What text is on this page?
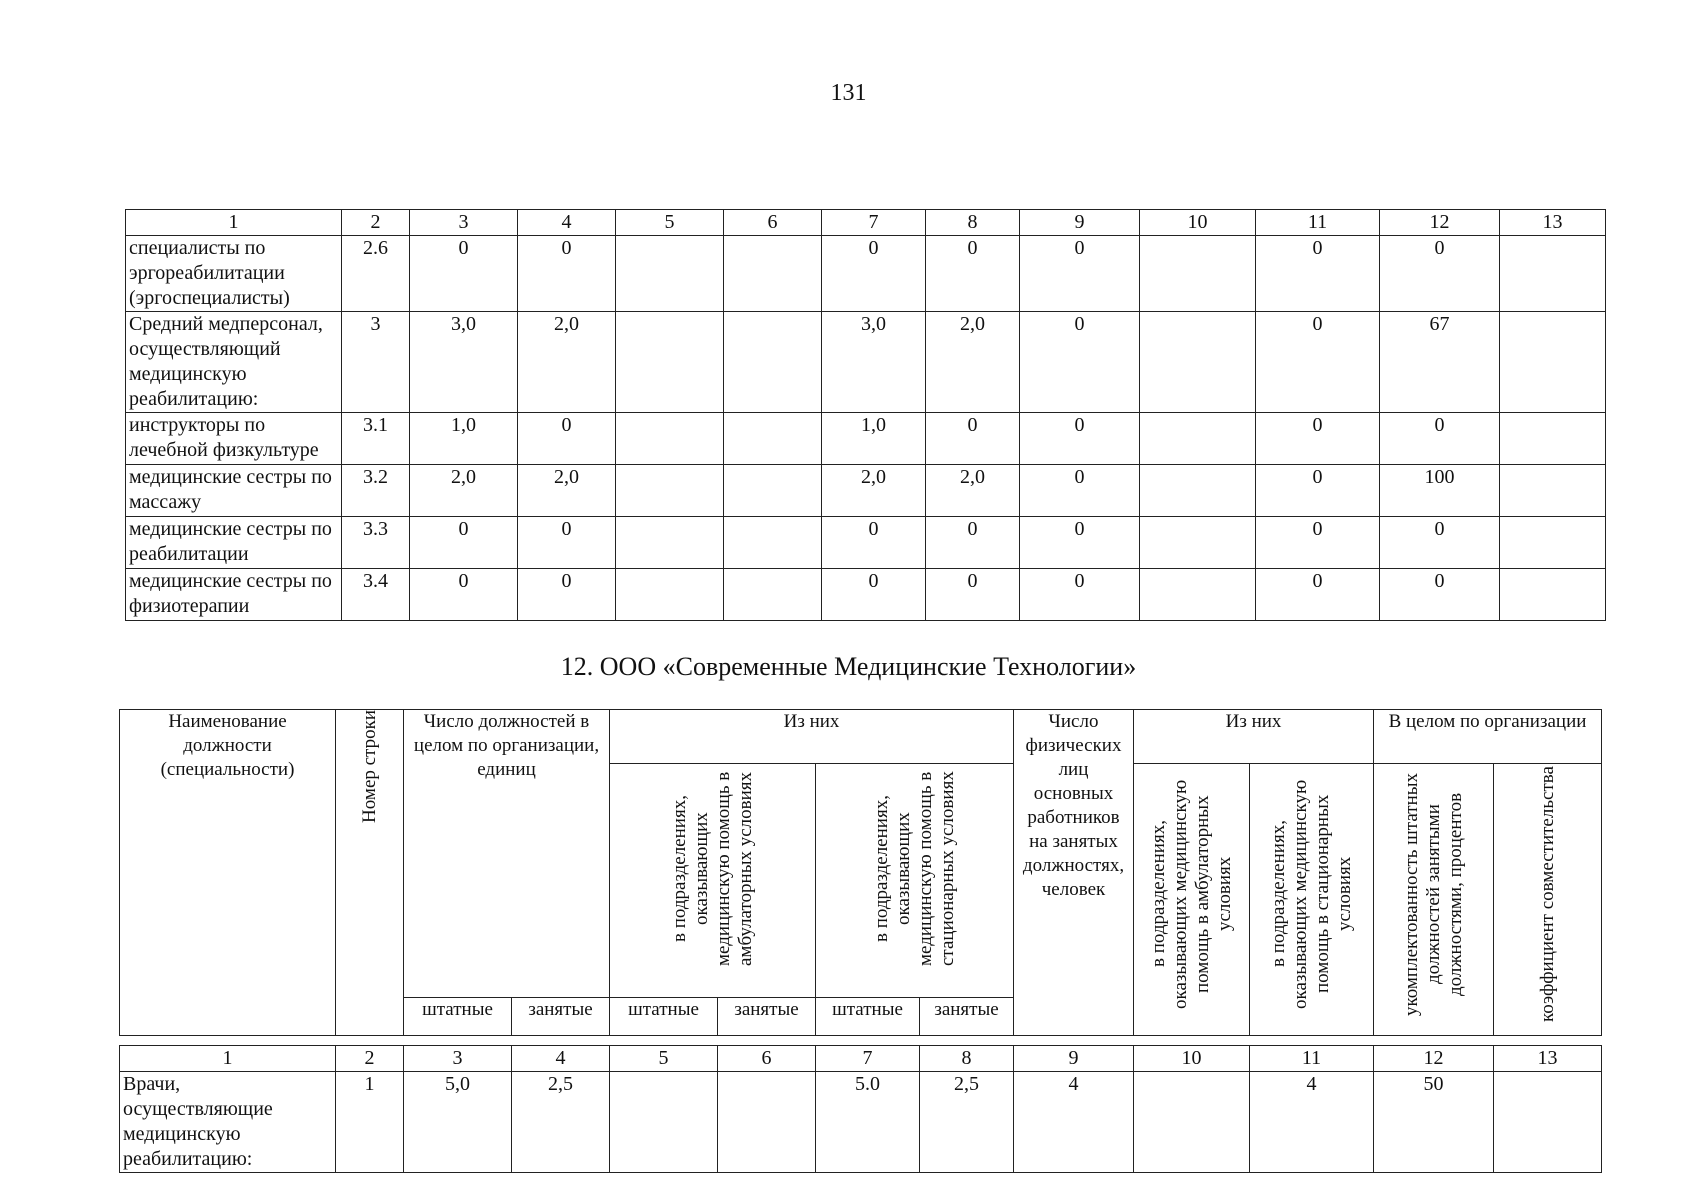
131
1	2	3	4	5	6	7	8	9	10	11	12	13
специалисты по эргореабилитации (эргоспециалисты)	2.6	0	0			0	0	0		0	0	
Средний медперсонал, осуществляющий медицинскую реабилитацию:	3	3,0	2,0			3,0	2,0	0		0	67	
инструкторы по лечебной физкультуре	3.1	1,0	0			1,0	0	0		0	0	
медицинские сестры по массажу	3.2	2,0	2,0			2,0	2,0	0		0	100	
медицинские сестры по реабилитации	3.3	0	0			0	0	0		0	0	
медицинские сестры по физиотерапии	3.4	0	0			0	0	0		0	0	
12. ООО «Современные Медицинские Технологии»
Наименование должности (специальности)	Номер строки	Число должностей в целом по организации, единиц		Из них				Число физических лиц основных работников на занятых должностях, человек	Из них		В целом по организации	

				в подразделениях, оказывающих медицинскую помощь в амбулаторных условиях		в подразделениях, оказывающих медицинскую помощь в стационарных условиях			в подразделениях, оказывающих медицинскую помощь в амбулаторных условиях	в подразделениях, оказывающих медицинскую помощь в стационарных условиях	укомплектованность штатных должностей занятыми должностями, процентов	коэффициент совместительства

		штатные	занятые	штатные	занятые	штатные	занятые					
1	2	3	4	5	6	7	8	9	10	11	12	13
Врачи, осуществляющие медицинскую реабилитацию:	1	5,0	2,5			5.0	2,5	4		4	50	
